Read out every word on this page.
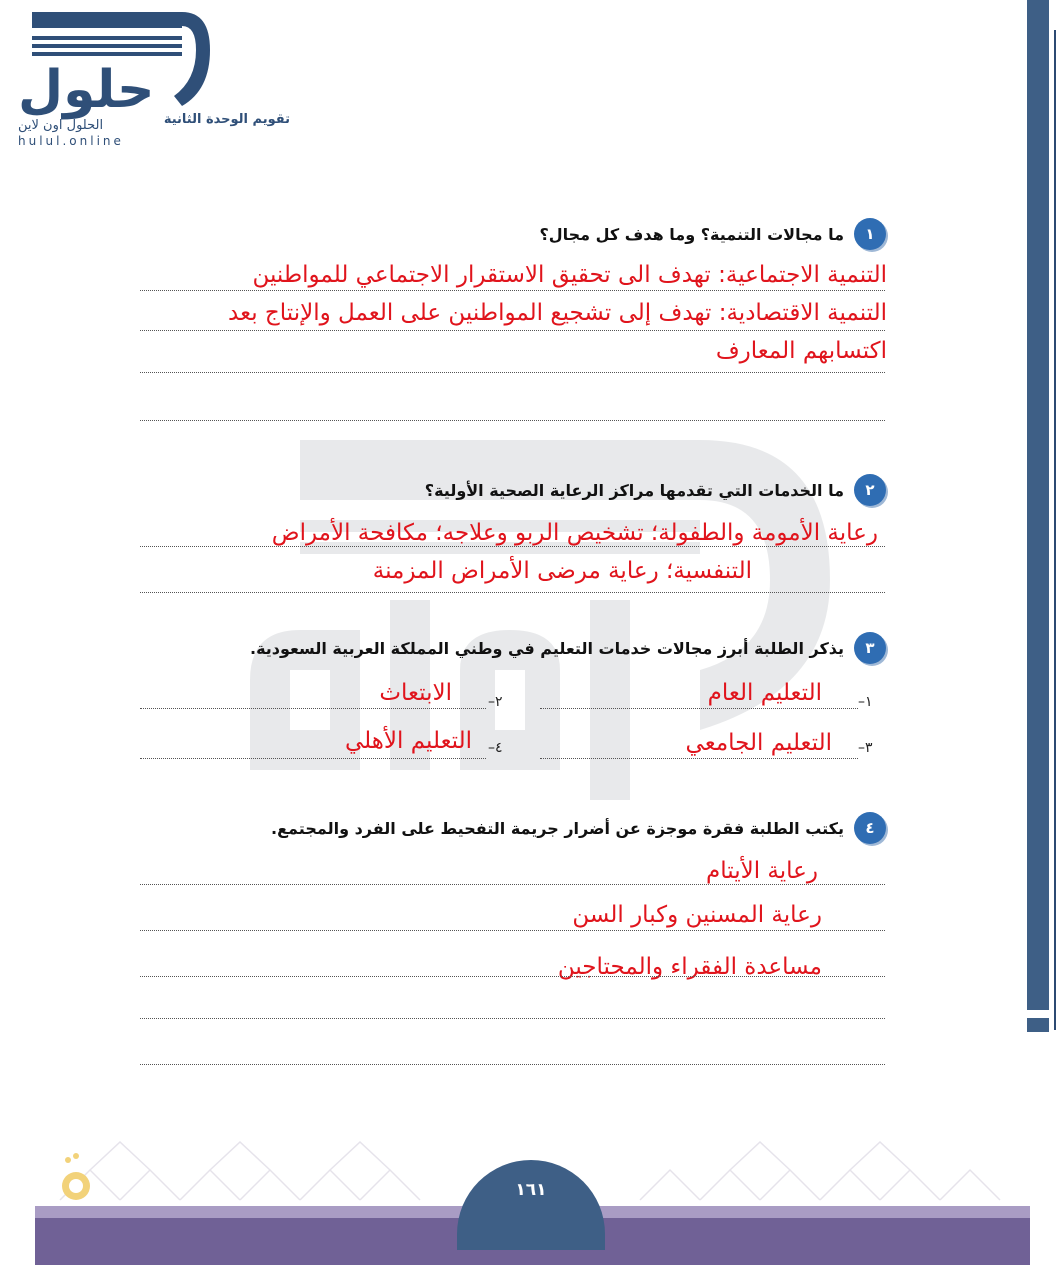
حلول
الحلول اون لاين
hulul.online
تقويم الوحدة الثانية
١
ما مجالات التنمية؟ وما هدف كل مجال؟
التنمية الاجتماعية: تهدف الى تحقيق الاستقرار الاجتماعي للمواطنين
التنمية الاقتصادية: تهدف إلى تشجيع المواطنين على العمل والإنتاج بعد
اكتسابهم المعارف
٢
ما الخدمات التي تقدمها مراكز الرعاية الصحية الأولية؟
رعاية الأمومة والطفولة؛ تشخيص الربو وعلاجه؛ مكافحة الأمراض
التنفسية؛ رعاية مرضى الأمراض المزمنة
٣
يذكر الطلبة أبرز مجالات خدمات التعليم في وطني المملكة العربية السعودية.
١–
التعليم العام
٢–
الابتعاث
٣–
التعليم الجامعي
٤–
التعليم الأهلي
٤
يكتب الطلبة فقرة موجزة عن أضرار جريمة التفحيط على الفرد والمجتمع.
رعاية الأيتام
رعاية المسنين وكبار السن
مساعدة الفقراء والمحتاجين
١٦١
